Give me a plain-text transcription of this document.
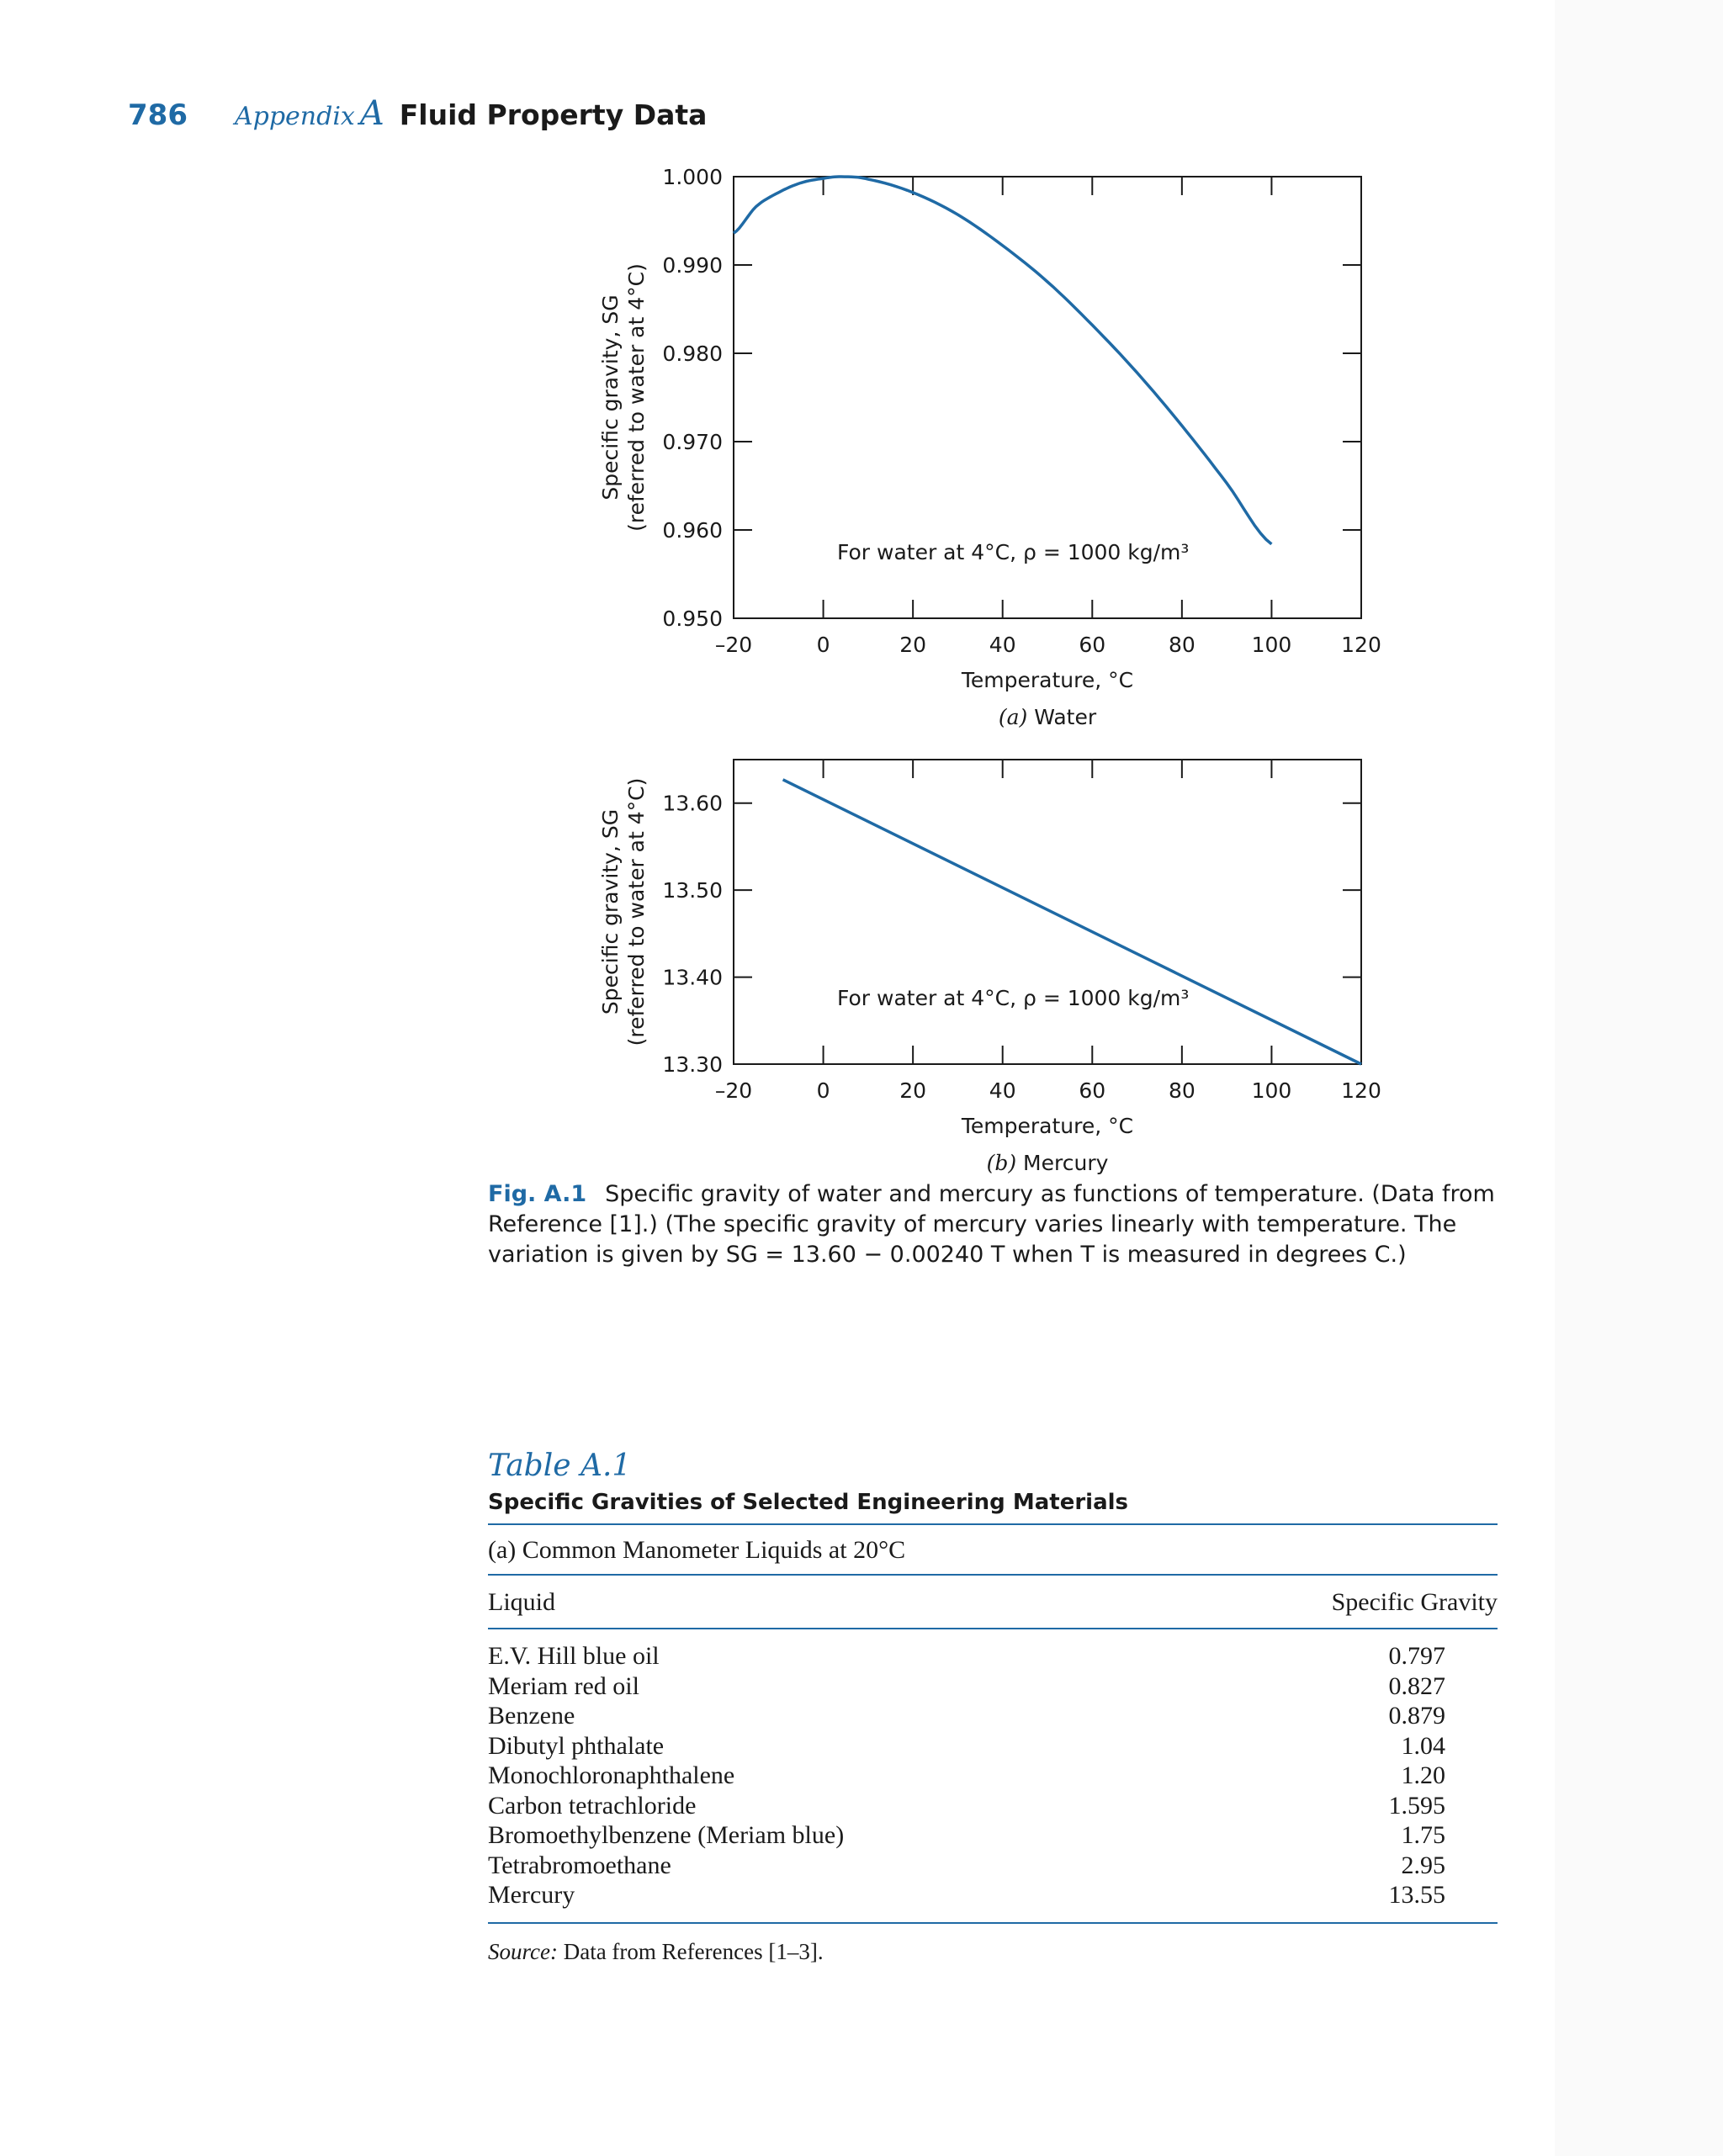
786 Appendix A Fluid Property Data
–20	0	20	40	60	80	100 120
0.950
0.960
0.970
0.980
0.990
1.000
For water at 4°C, ρ = 1000 kg/m³
Temperature, °C
(a) Water
Specific gravity, SG (referred to water at 4°C)
–20	0	20	40	60	80	100 120
13.30
13.40
13.50
13.60
For water at 4°C, ρ = 1000 kg/m³
Temperature, °C
(b) Mercury
Specific gravity, SG (referred to water at 4°C)
Fig. A.1 Specific gravity of water and mercury as functions of temperature. (Data from Reference [1].) (The specific gravity of mercury varies linearly with temperature. The variation is given by SG = 13.60 − 0.00240 T when T is measured in degrees C.)
Table A.1
Specific Gravities of Selected Engineering Materials
(a) Common Manometer Liquids at 20°C
Liquid	Specific Gravity
E.V. Hill blue oil	0.797
Meriam red oil	0.827
Benzene	0.879
Dibutyl phthalate	1.04
Monochloronaphthalene	1.20
Carbon tetrachloride	1.595
Bromoethylbenzene (Meriam blue)	1.75
Tetrabromoethane	2.95
Mercury	13.55
Source: Data from References [1–3].
